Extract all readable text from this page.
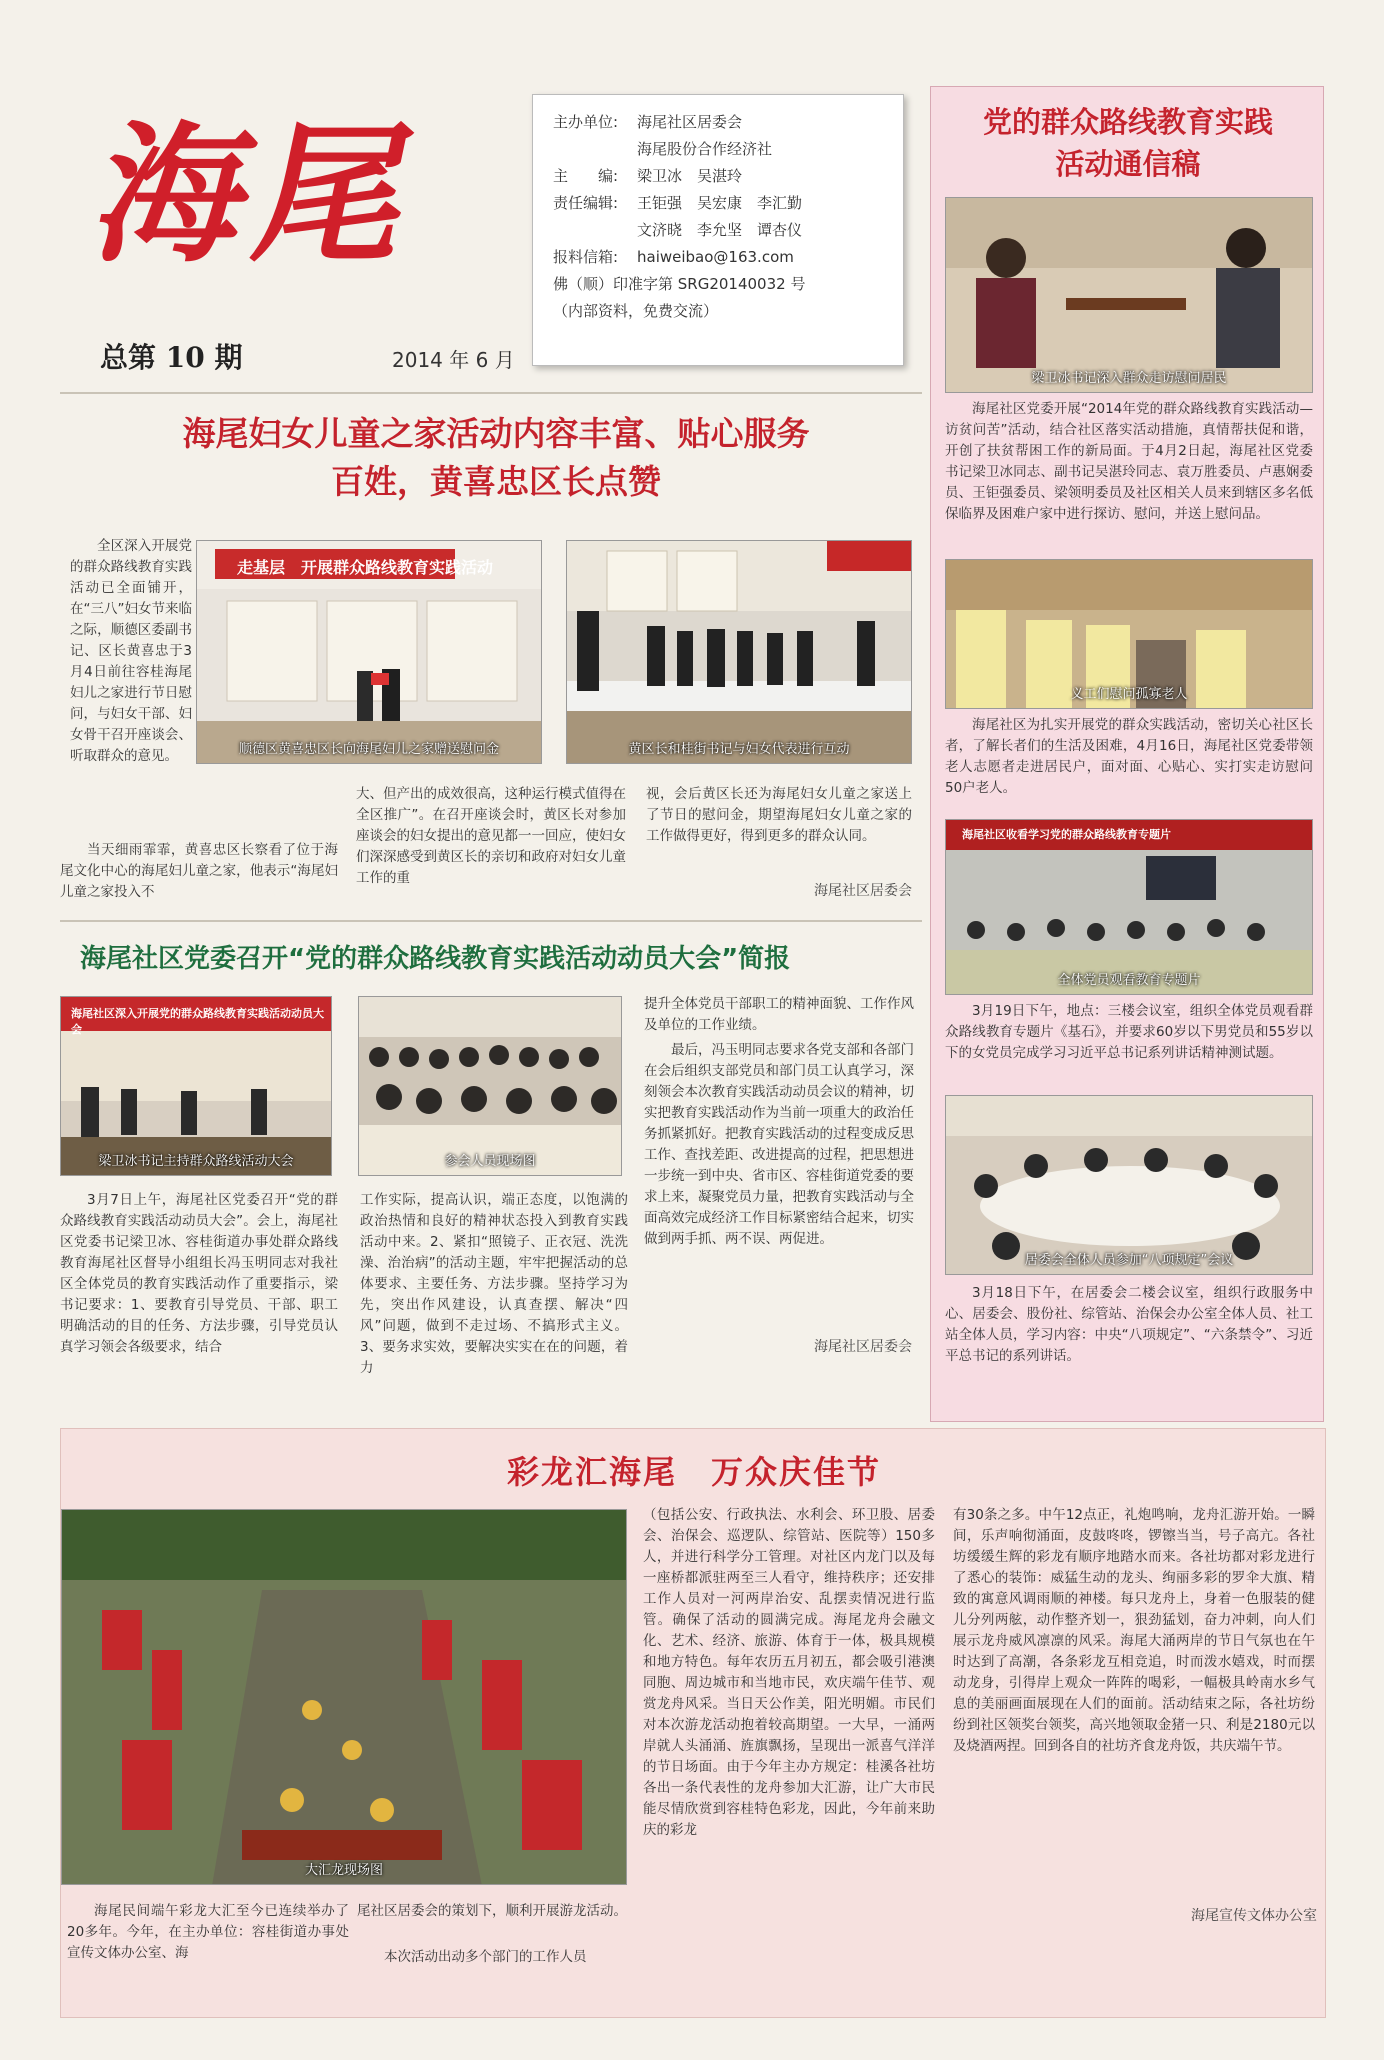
海尾
总第 10 期	2014 年 6 月
主办单位:	海尾社区居委会
海尾股份合作经济社
主　　编:	梁卫冰　吴湛玲
责任编辑:	王钜强　吴宏康　李汇勤
文济晓　李允坚　谭杏仪
报料信箱:	haiweibao@163.com
佛（顺）印准字第 SRG20140032 号
（内部资料，免费交流）
海尾妇女儿童之家活动内容丰富、贴心服务
百姓，黄喜忠区长点赞

全区深入开展党的群众路线教育实践活动已全面铺开，在“三八”妇女节来临之际，顺德区委副书记、区长黄喜忠于3月4日前往容桂海尾妇儿之家进行节日慰问，与妇女干部、妇女骨干召开座谈会、听取群众的意见。

走基层　开展群众路线教育实践活动
顺德区黄喜忠区长向海尾妇儿之家赠送慰问金	黄区长和桂街书记与妇女代表进行互动

当天细雨霏霏，黄喜忠区长察看了位于海尾文化中心的海尾妇儿童之家，他表示“海尾妇儿童之家投入不

大、但产出的成效很高，这种运行模式值得在全区推广”。在召开座谈会时，黄区长对参加座谈会的妇女提出的意见都一一回应，使妇女们深深感受到黄区长的亲切和政府对妇女儿童工作的重

视，会后黄区长还为海尾妇女儿童之家送上了节日的慰问金，期望海尾妇女儿童之家的工作做得更好，得到更多的群众认同。

海尾社区居委会
海尾社区党委召开“党的群众路线教育实践活动动员大会”简报
海尾社区深入开展党的群众路线教育实践活动动员大会
梁卫冰书记主持群众路线活动大会	参会人员现场图

3月7日上午，海尾社区党委召开“党的群众路线教育实践活动动员大会”。会上，海尾社区党委书记梁卫冰、容桂街道办事处群众路线教育海尾社区督导小组组长冯玉明同志对我社区全体党员的教育实践活动作了重要指示，梁书记要求：1、要教育引导党员、干部、职工明确活动的目的任务、方法步骤，引导党员认真学习领会各级要求，结合

工作实际，提高认识，端正态度，以饱满的政治热情和良好的精神状态投入到教育实践活动中来。2、紧扣“照镜子、正衣冠、洗洗澡、治治病”的活动主题，牢牢把握活动的总体要求、主要任务、方法步骤。坚持学习为先，突出作风建设，认真查摆、解决“四风”问题，做到不走过场、不搞形式主义。3、要务求实效，要解决实实在在的问题，着力

提升全体党员干部职工的精神面貌、工作作风及单位的工作业绩。

最后，冯玉明同志要求各党支部和各部门在会后组织支部党员和部门员工认真学习，深刻领会本次教育实践活动动员会议的精神，切实把教育实践活动作为当前一项重大的政治任务抓紧抓好。把教育实践活动的过程变成反思工作、查找差距、改进提高的过程，把思想进一步统一到中央、省市区、容桂街道党委的要求上来，凝聚党员力量，把教育实践活动与全面高效完成经济工作目标紧密结合起来，切实做到两手抓、两不误、两促进。

海尾社区居委会
党的群众路线教育实践
活动通信稿
梁卫冰书记深入群众走访慰问居民

海尾社区党委开展“2014年党的群众路线教育实践活动—访贫问苦”活动，结合社区落实活动措施，真情帮扶促和谐，开创了扶贫帮困工作的新局面。于4月2日起，海尾社区党委书记梁卫冰同志、副书记吴湛玲同志、袁万胜委员、卢惠娴委员、王钜强委员、梁领明委员及社区相关人员来到辖区多名低保临界及困难户家中进行探访、慰问，并送上慰问品。

义工们慰问孤寡老人

海尾社区为扎实开展党的群众实践活动，密切关心社区长者，了解长者们的生活及困难，4月16日，海尾社区党委带领老人志愿者走进居民户，面对面、心贴心、实打实走访慰问50户老人。

海尾社区收看学习党的群众路线教育专题片
全体党员观看教育专题片

3月19日下午，地点：三楼会议室，组织全体党员观看群众路线教育专题片《基石》，并要求60岁以下男党员和55岁以下的女党员完成学习习近平总书记系列讲话精神测试题。

居委会全体人员参加“八项规定”会议

3月18日下午，在居委会二楼会议室，组织行政服务中心、居委会、股份社、综管站、治保会办公室全体人员、社工站全体人员，学习内容：中央“八项规定”、“六条禁令”、习近平总书记的系列讲话。

彩龙汇海尾　万众庆佳节
大汇龙现场图

海尾民间端午彩龙大汇至今已连续举办了20多年。今年，在主办单位：容桂街道办事处宣传文体办公室、海

尾社区居委会的策划下，顺利开展游龙活动。

本次活动出动多个部门的工作人员

（包括公安、行政执法、水利会、环卫股、居委会、治保会、巡逻队、综管站、医院等）150多人，并进行科学分工管理。对社区内龙门以及每一座桥都派驻两至三人看守，维持秩序；还安排工作人员对一河两岸治安、乱摆卖情况进行监管。确保了活动的圆满完成。海尾龙舟会融文化、艺术、经济、旅游、体育于一体，极具规模和地方特色。每年农历五月初五，都会吸引港澳同胞、周边城市和当地市民，欢庆端午佳节、观赏龙舟风采。当日天公作美，阳光明媚。市民们对本次游龙活动抱着较高期望。一大早，一涌两岸就人头涌涌、旌旗飘扬，呈现出一派喜气洋洋的节日场面。由于今年主办方规定：桂溪各社坊各出一条代表性的龙舟参加大汇游，让广大市民能尽情欣赏到容桂特色彩龙，因此，今年前来助庆的彩龙

有30条之多。中午12点正，礼炮鸣响，龙舟汇游开始。一瞬间，乐声响彻涌面，皮鼓咚咚，锣镲当当，号子高亢。各社坊缓缓生辉的彩龙有顺序地踏水而来。各社坊都对彩龙进行了悉心的装饰：威猛生动的龙头、绚丽多彩的罗伞大旗、精致的寓意风调雨顺的神楼。每只龙舟上，身着一色服装的健儿分列两舷，动作整齐划一，狠劲猛划，奋力冲刺，向人们展示龙舟威风凛凛的风采。海尾大涌两岸的节日气氛也在午时达到了高潮，各条彩龙互相竞追，时而泼水嬉戏，时而摆动龙身，引得岸上观众一阵阵的喝彩，一幅极具岭南水乡气息的美丽画面展现在人们的面前。活动结束之际，各社坊纷纷到社区领奖台领奖，高兴地领取金猪一只、利是2180元以及烧酒两捏。回到各自的社坊齐食龙舟饭，共庆端午节。

海尾宣传文体办公室
